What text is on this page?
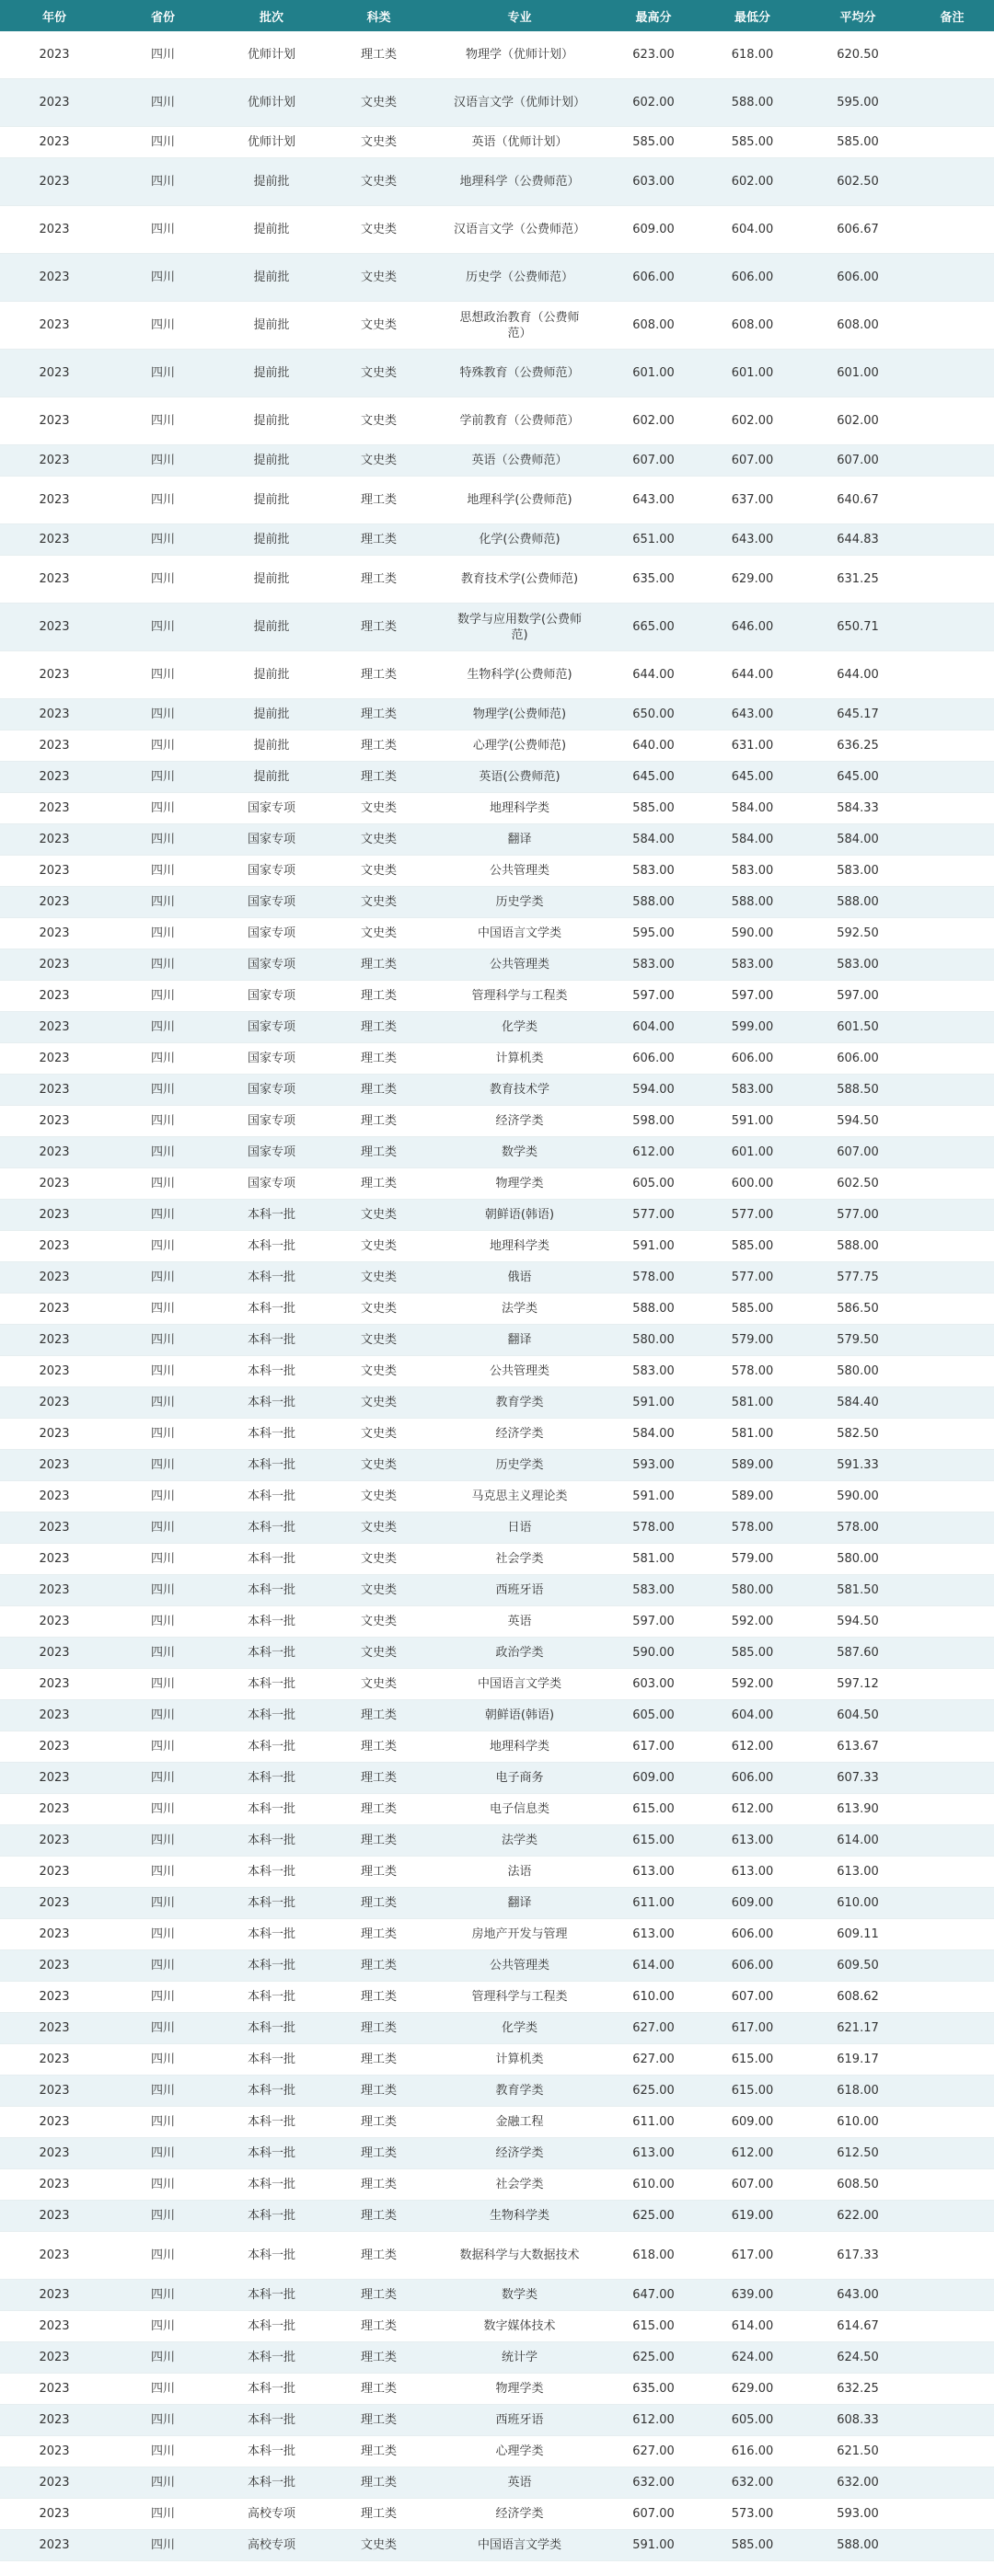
年份	省份	批次	科类	专业	最高分	最低分	平均分	备注
2023	四川	优师计划	理工类	物理学（优师计划）	623.00	618.00	620.50	
2023	四川	优师计划	文史类	汉语言文学（优师计划）	602.00	588.00	595.00	
2023	四川	优师计划	文史类	英语（优师计划）	585.00	585.00	585.00	
2023	四川	提前批	文史类	地理科学（公费师范）	603.00	602.00	602.50	
2023	四川	提前批	文史类	汉语言文学（公费师范）	609.00	604.00	606.67	
2023	四川	提前批	文史类	历史学（公费师范）	606.00	606.00	606.00	
2023	四川	提前批	文史类	思想政治教育（公费师范）	608.00	608.00	608.00	
2023	四川	提前批	文史类	特殊教育（公费师范）	601.00	601.00	601.00	
2023	四川	提前批	文史类	学前教育（公费师范）	602.00	602.00	602.00	
2023	四川	提前批	文史类	英语（公费师范）	607.00	607.00	607.00	
2023	四川	提前批	理工类	地理科学(公费师范)	643.00	637.00	640.67	
2023	四川	提前批	理工类	化学(公费师范)	651.00	643.00	644.83	
2023	四川	提前批	理工类	教育技术学(公费师范)	635.00	629.00	631.25	
2023	四川	提前批	理工类	数学与应用数学(公费师范)	665.00	646.00	650.71	
2023	四川	提前批	理工类	生物科学(公费师范)	644.00	644.00	644.00	
2023	四川	提前批	理工类	物理学(公费师范)	650.00	643.00	645.17	
2023	四川	提前批	理工类	心理学(公费师范)	640.00	631.00	636.25	
2023	四川	提前批	理工类	英语(公费师范)	645.00	645.00	645.00	
2023	四川	国家专项	文史类	地理科学类	585.00	584.00	584.33	
2023	四川	国家专项	文史类	翻译	584.00	584.00	584.00	
2023	四川	国家专项	文史类	公共管理类	583.00	583.00	583.00	
2023	四川	国家专项	文史类	历史学类	588.00	588.00	588.00	
2023	四川	国家专项	文史类	中国语言文学类	595.00	590.00	592.50	
2023	四川	国家专项	理工类	公共管理类	583.00	583.00	583.00	
2023	四川	国家专项	理工类	管理科学与工程类	597.00	597.00	597.00	
2023	四川	国家专项	理工类	化学类	604.00	599.00	601.50	
2023	四川	国家专项	理工类	计算机类	606.00	606.00	606.00	
2023	四川	国家专项	理工类	教育技术学	594.00	583.00	588.50	
2023	四川	国家专项	理工类	经济学类	598.00	591.00	594.50	
2023	四川	国家专项	理工类	数学类	612.00	601.00	607.00	
2023	四川	国家专项	理工类	物理学类	605.00	600.00	602.50	
2023	四川	本科一批	文史类	朝鲜语(韩语)	577.00	577.00	577.00	
2023	四川	本科一批	文史类	地理科学类	591.00	585.00	588.00	
2023	四川	本科一批	文史类	俄语	578.00	577.00	577.75	
2023	四川	本科一批	文史类	法学类	588.00	585.00	586.50	
2023	四川	本科一批	文史类	翻译	580.00	579.00	579.50	
2023	四川	本科一批	文史类	公共管理类	583.00	578.00	580.00	
2023	四川	本科一批	文史类	教育学类	591.00	581.00	584.40	
2023	四川	本科一批	文史类	经济学类	584.00	581.00	582.50	
2023	四川	本科一批	文史类	历史学类	593.00	589.00	591.33	
2023	四川	本科一批	文史类	马克思主义理论类	591.00	589.00	590.00	
2023	四川	本科一批	文史类	日语	578.00	578.00	578.00	
2023	四川	本科一批	文史类	社会学类	581.00	579.00	580.00	
2023	四川	本科一批	文史类	西班牙语	583.00	580.00	581.50	
2023	四川	本科一批	文史类	英语	597.00	592.00	594.50	
2023	四川	本科一批	文史类	政治学类	590.00	585.00	587.60	
2023	四川	本科一批	文史类	中国语言文学类	603.00	592.00	597.12	
2023	四川	本科一批	理工类	朝鲜语(韩语)	605.00	604.00	604.50	
2023	四川	本科一批	理工类	地理科学类	617.00	612.00	613.67	
2023	四川	本科一批	理工类	电子商务	609.00	606.00	607.33	
2023	四川	本科一批	理工类	电子信息类	615.00	612.00	613.90	
2023	四川	本科一批	理工类	法学类	615.00	613.00	614.00	
2023	四川	本科一批	理工类	法语	613.00	613.00	613.00	
2023	四川	本科一批	理工类	翻译	611.00	609.00	610.00	
2023	四川	本科一批	理工类	房地产开发与管理	613.00	606.00	609.11	
2023	四川	本科一批	理工类	公共管理类	614.00	606.00	609.50	
2023	四川	本科一批	理工类	管理科学与工程类	610.00	607.00	608.62	
2023	四川	本科一批	理工类	化学类	627.00	617.00	621.17	
2023	四川	本科一批	理工类	计算机类	627.00	615.00	619.17	
2023	四川	本科一批	理工类	教育学类	625.00	615.00	618.00	
2023	四川	本科一批	理工类	金融工程	611.00	609.00	610.00	
2023	四川	本科一批	理工类	经济学类	613.00	612.00	612.50	
2023	四川	本科一批	理工类	社会学类	610.00	607.00	608.50	
2023	四川	本科一批	理工类	生物科学类	625.00	619.00	622.00	
2023	四川	本科一批	理工类	数据科学与大数据技术	618.00	617.00	617.33	
2023	四川	本科一批	理工类	数学类	647.00	639.00	643.00	
2023	四川	本科一批	理工类	数字媒体技术	615.00	614.00	614.67	
2023	四川	本科一批	理工类	统计学	625.00	624.00	624.50	
2023	四川	本科一批	理工类	物理学类	635.00	629.00	632.25	
2023	四川	本科一批	理工类	西班牙语	612.00	605.00	608.33	
2023	四川	本科一批	理工类	心理学类	627.00	616.00	621.50	
2023	四川	本科一批	理工类	英语	632.00	632.00	632.00	
2023	四川	高校专项	理工类	经济学类	607.00	573.00	593.00	
2023	四川	高校专项	文史类	中国语言文学类	591.00	585.00	588.00	
